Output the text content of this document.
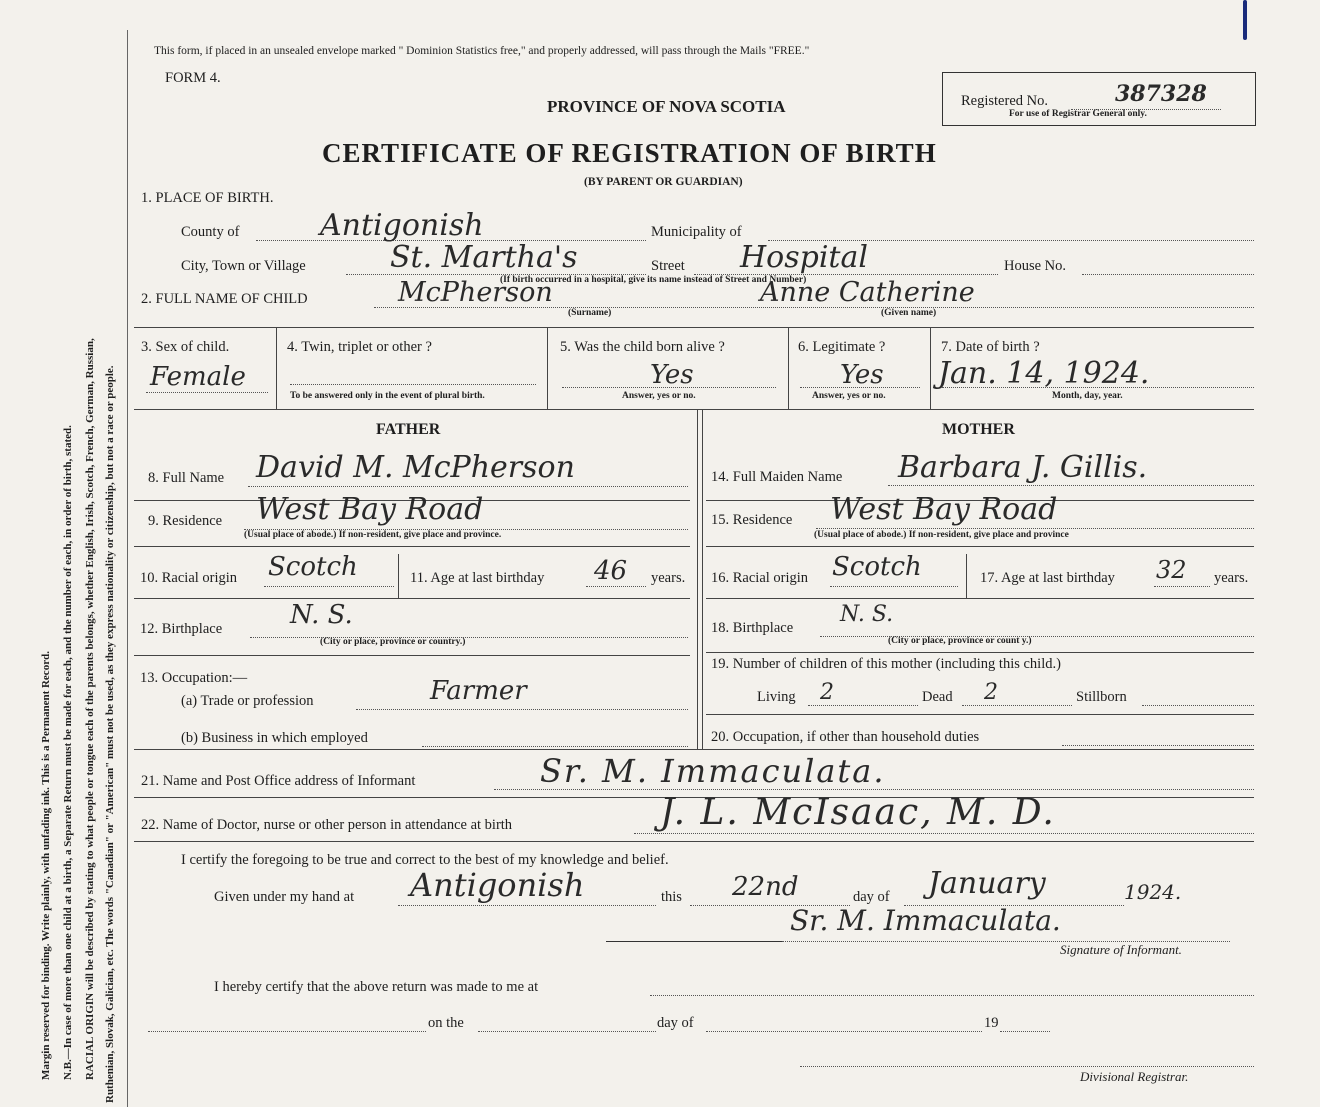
Margin reserved for binding. Write plainly, with unfading ink. This is a Permanent Record. N.B.—In case of more than one child at a birth, a Separate Return must be made for each, and the number of each, in order of birth, stated. RACIAL ORIGIN will be described by stating to what people or tongue each of the parents belongs, whether English, Irish, Scotch, French, German, Russian, Ruthenian, Slovak, Galician, etc. The words "Canadian" or "American" must not be used, as they express nationality or citizenship, but not a race or people.
This form, if placed in an unsealed envelope marked " Dominion Statistics free," and properly addressed, will pass through the Mails "FREE."
FORM 4.
PROVINCE OF NOVA SCOTIA	Registered No.	387328
For use of Registrar General only.
CERTIFICATE OF REGISTRATION OF BIRTH
(BY PARENT OR GUARDIAN)
1. PLACE OF BIRTH.
County of	Antigonish	Municipality of
City, Town or Village	St. Martha's	Street Hospital	House No.
(If birth occurred in a hospital, give its name instead of Street and Number)
2. FULL NAME OF CHILD	McPherson	Anne Catherine
(Surname)	(Given name)
3. Sex of child.
Female
4. Twin, triplet or other ?
To be answered only in the event of plural birth.
5. Was the child born alive ?
Yes
Answer, yes or no.
6. Legitimate ?
Yes
Answer, yes or no.
7. Date of birth ?
Jan. 14, 1924.
Month, day, year.
FATHER	MOTHER
8. Full Name David M. McPherson
9. Residence West Bay Road
(Usual place of abode.) If non-resident, give place and province.
10. Racial origin Scotch	11. Age at last birthday 46 years.
12. Birthplace	N. S.
(City or place, province or country.)
13. Occupation:—
(a) Trade or profession	Farmer
(b) Business in which employed
14. Full Maiden Name Barbara J. Gillis.
15. Residence West Bay Road
(Usual place of abode.) If non-resident, give place and province
16. Racial origin Scotch	17. Age at last birthday 32 years.
18. Birthplace
N. S.
(City or place, province or count y.)
19. Number of children of this mother (including this child.)
Living 2	Dead 2	Stillborn
20. Occupation, if other than household duties
21. Name and Post Office address of Informant	Sr. M. Immaculata.
22. Name of Doctor, nurse or other person in attendance at birth	J. L. McIsaac, M. D.
I certify the foregoing to be true and correct to the best of my knowledge and belief.
Given under my hand at Antigonish	this 22nd	day of January	1924.
Sr. M. Immaculata.
Signature of Informant.
I hereby certify that the above return was made to me at
on the	day of	19
Divisional Registrar.
